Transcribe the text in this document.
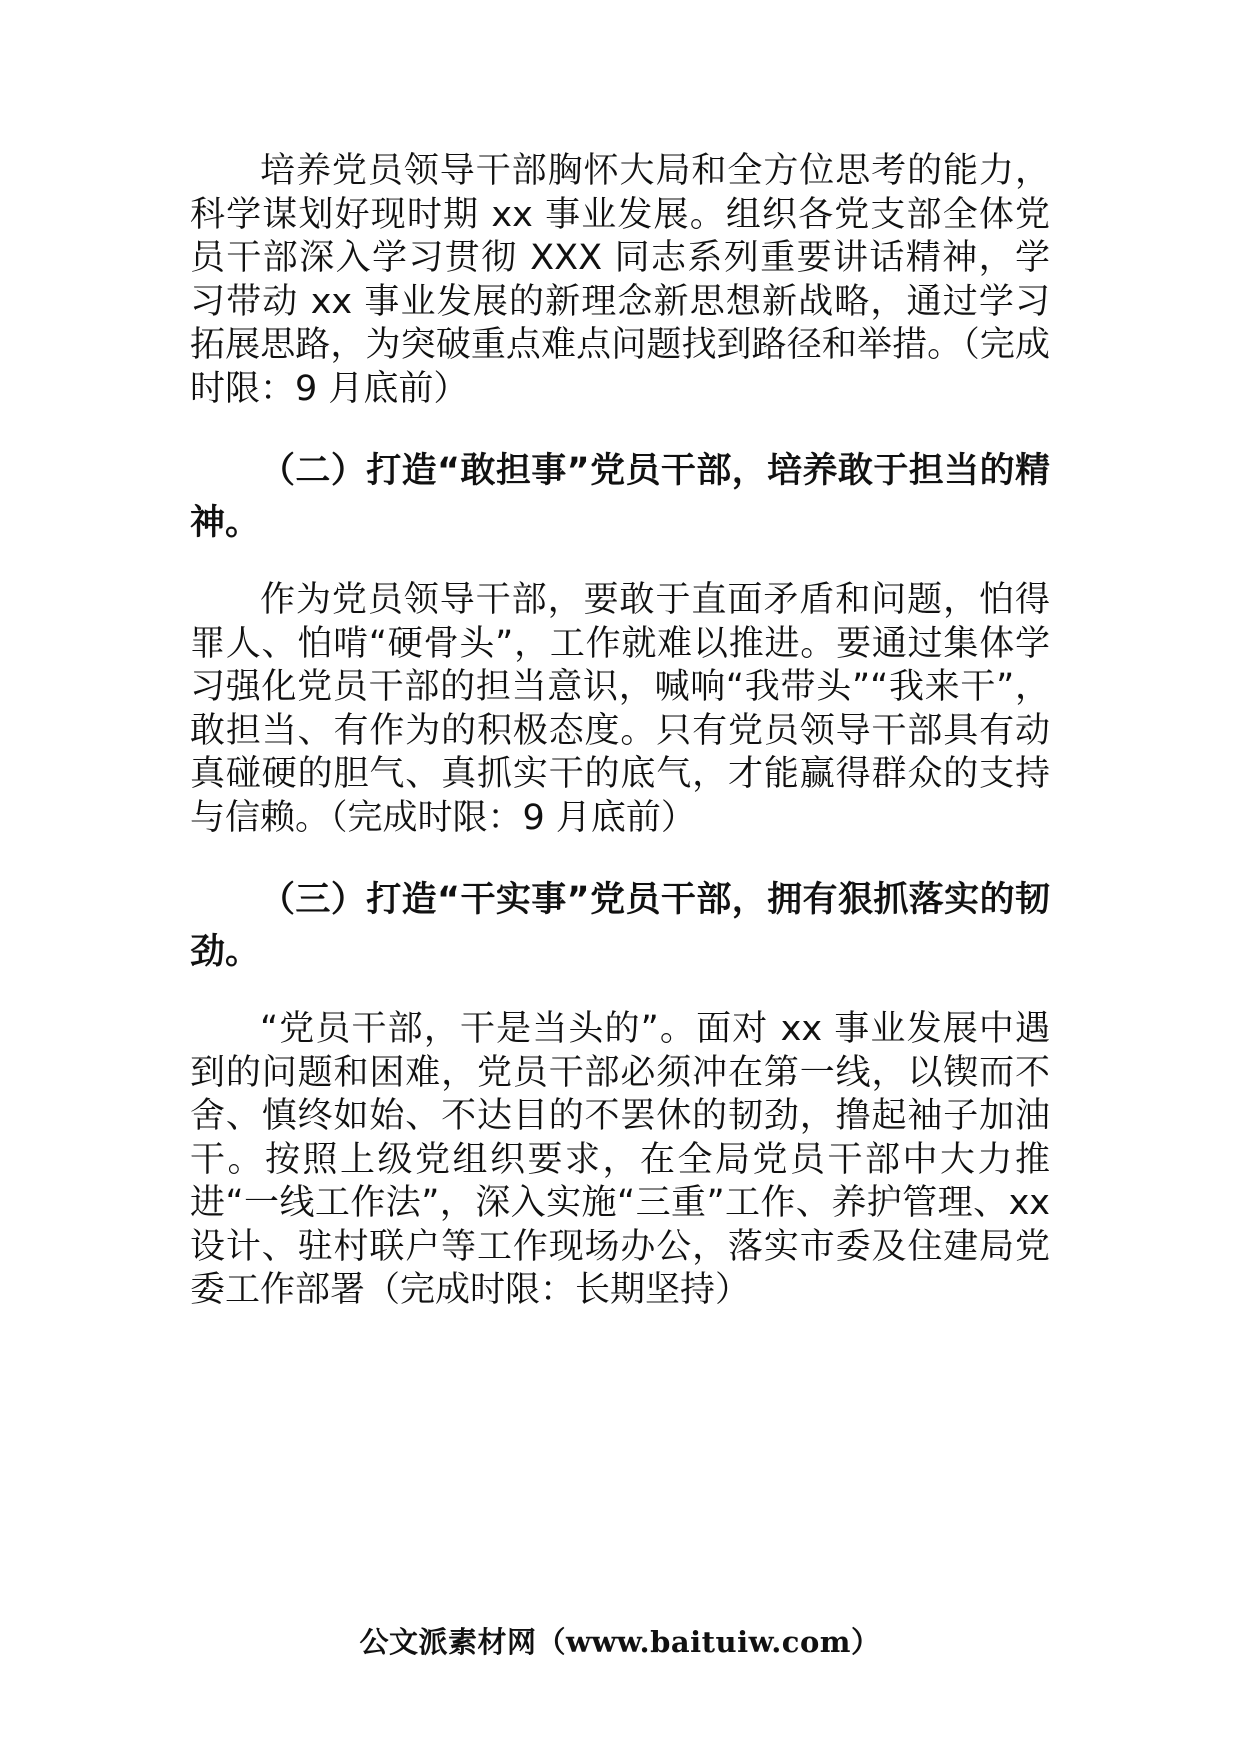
培养党员领导干部胸怀大局和全方位思考的能力，科学谋划好现时期 xx 事业发展。组织各党支部全体党员干部深入学习贯彻 XXX 同志系列重要讲话精神，学习带动 xx 事业发展的新理念新思想新战略，通过学习拓展思路，为突破重点难点问题找到路径和举措。（完成时限：9 月底前）

（二）打造“敢担事”党员干部，培养敢于担当的精神。

作为党员领导干部，要敢于直面矛盾和问题，怕得罪人、怕啃“硬骨头”，工作就难以推进。要通过集体学习强化党员干部的担当意识，喊响“我带头”“我来干”，敢担当、有作为的积极态度。只有党员领导干部具有动真碰硬的胆气、真抓实干的底气，才能赢得群众的支持与信赖。（完成时限：9 月底前）

（三）打造“干实事”党员干部，拥有狠抓落实的韧劲。

“党员干部，干是当头的”。面对 xx 事业发展中遇到的问题和困难，党员干部必须冲在第一线，以锲而不舍、慎终如始、不达目的不罢休的韧劲，撸起袖子加油干。按照上级党组织要求，在全局党员干部中大力推进“一线工作法”，深入实施“三重”工作、养护管理、xx 设计、驻村联户等工作现场办公，落实市委及住建局党委工作部署（完成时限：长期坚持）

公文派素材网（www.baituiw.com）
